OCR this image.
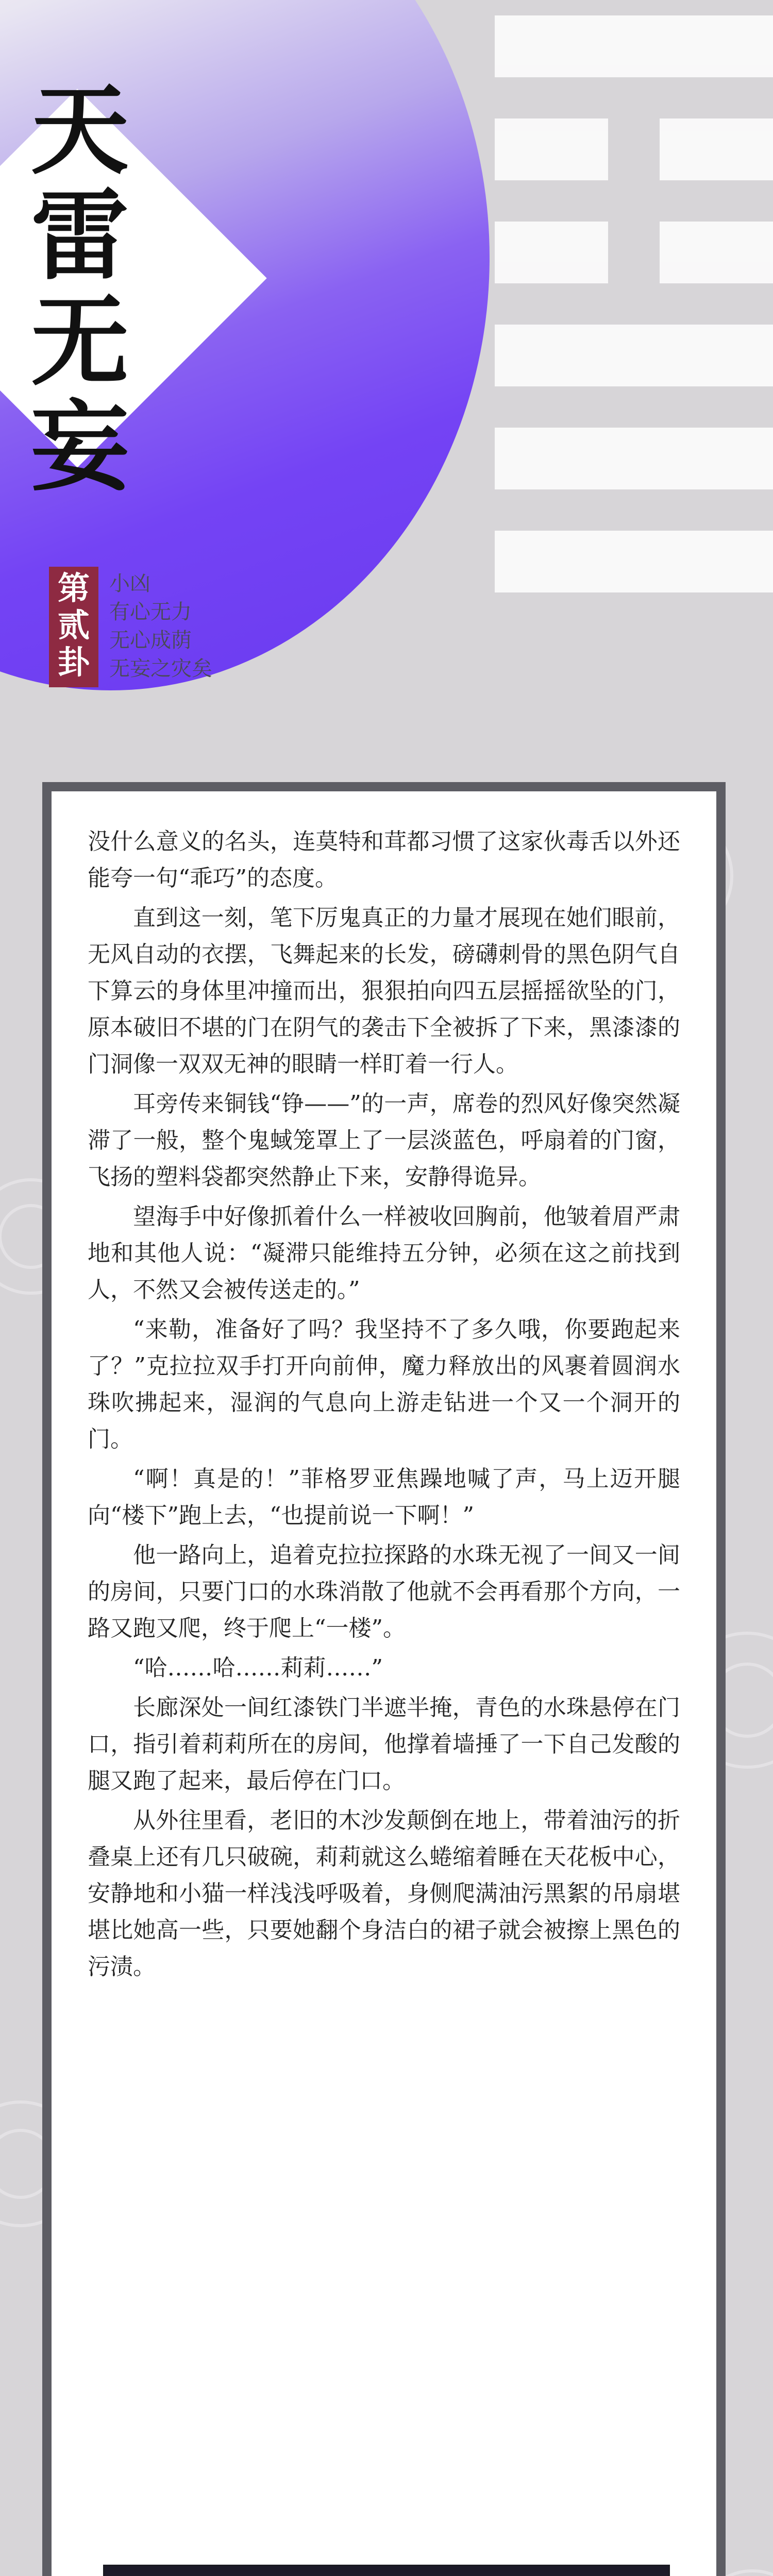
天
雷
无
妄
第
贰
卦
小凶
有心无力
无心成荫
无妄之灾矣

没什么意义的名头，连莫特和茸都习惯了这家伙毒舌以外还能夸一句“乖巧”的态度。

直到这一刻，笔下厉鬼真正的力量才展现在她们眼前，无风自动的衣摆，飞舞起来的长发，磅礴刺骨的黑色阴气自下算云的身体里冲撞而出，狠狠拍向四五层摇摇欲坠的门，原本破旧不堪的门在阴气的袭击下全被拆了下来，黑漆漆的门洞像一双双无神的眼睛一样盯着一行人。

耳旁传来铜钱“铮——”的一声，席卷的烈风好像突然凝滞了一般，整个鬼蜮笼罩上了一层淡蓝色，呼扇着的门窗，飞扬的塑料袋都突然静止下来，安静得诡异。

望海手中好像抓着什么一样被收回胸前，他皱着眉严肃地和其他人说：“凝滞只能维持五分钟，必须在这之前找到人，不然又会被传送走的。”

“来勒，准备好了吗？我坚持不了多久哦，你要跑起来了？”克拉拉双手打开向前伸，魔力释放出的风裹着圆润水珠吹拂起来，湿润的气息向上游走钻进一个又一个洞开的门。

“啊！真是的！”菲格罗亚焦躁地喊了声，马上迈开腿向“楼下”跑上去，“也提前说一下啊！”

他一路向上，追着克拉拉探路的水珠无视了一间又一间的房间，只要门口的水珠消散了他就不会再看那个方向，一路又跑又爬，终于爬上“一楼”。

“哈……哈……莉莉……”

长廊深处一间红漆铁门半遮半掩，青色的水珠悬停在门口，指引着莉莉所在的房间，他撑着墙捶了一下自己发酸的腿又跑了起来，最后停在门口。

从外往里看，老旧的木沙发颠倒在地上，带着油污的折叠桌上还有几只破碗，莉莉就这么蜷缩着睡在天花板中心，安静地和小猫一样浅浅呼吸着，身侧爬满油污黑絮的吊扇堪堪比她高一些，只要她翻个身洁白的裙子就会被擦上黑色的污渍。
